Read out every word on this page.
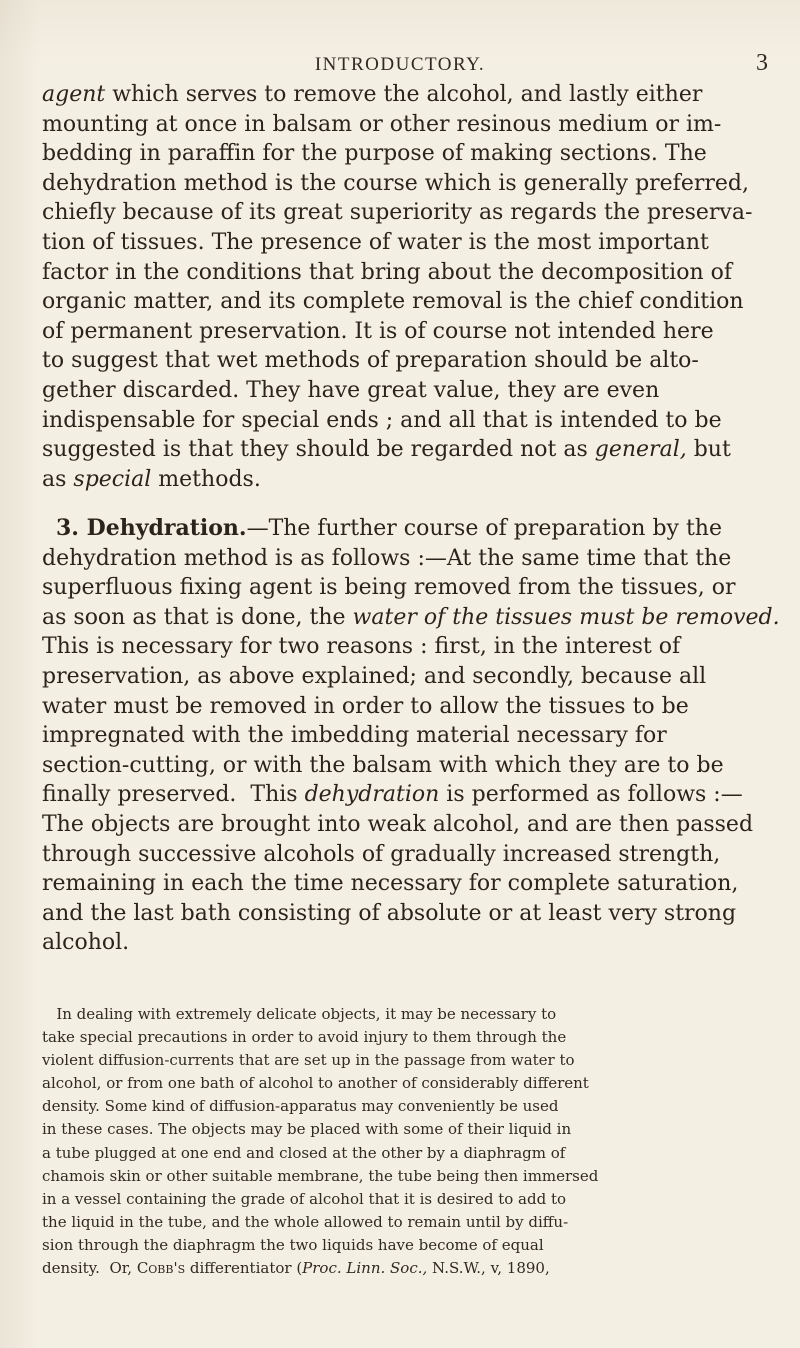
INTRODUCTORY.	3
agent which serves to remove the alcohol, and lastly either
mounting at once in balsam or other resinous medium or im-
bedding in paraffin for the purpose of making sections. The
dehydration method is the course which is generally preferred,
chiefly because of its great superiority as regards the preserva-
tion of tissues. The presence of water is the most important
factor in the conditions that bring about the decomposition of
organic matter, and its complete removal is the chief condition
of permanent preservation. It is of course not intended here
to suggest that wet methods of preparation should be alto-
gether discarded. They have great value, they are even
indispensable for special ends ; and all that is intended to be
suggested is that they should be regarded not as general, but
as special methods.
3. Dehydration.—The further course of preparation by the
dehydration method is as follows :—At the same time that the
superfluous fixing agent is being removed from the tissues, or
as soon as that is done, the water of the tissues must be removed.
This is necessary for two reasons : first, in the interest of
preservation, as above explained; and secondly, because all
water must be removed in order to allow the tissues to be
impregnated with the imbedding material necessary for
section-cutting, or with the balsam with which they are to be
finally preserved.  This dehydration is performed as follows :—
The objects are brought into weak alcohol, and are then passed
through successive alcohols of gradually increased strength,
remaining in each the time necessary for complete saturation,
and the last bath consisting of absolute or at least very strong
alcohol.
In dealing with extremely delicate objects, it may be necessary to
take special precautions in order to avoid injury to them through the
violent diffusion-currents that are set up in the passage from water to
alcohol, or from one bath of alcohol to another of considerably different
density. Some kind of diffusion-apparatus may conveniently be used
in these cases. The objects may be placed with some of their liquid in
a tube plugged at one end and closed at the other by a diaphragm of
chamois skin or other suitable membrane, the tube being then immersed
in a vessel containing the grade of alcohol that it is desired to add to
the liquid in the tube, and the whole allowed to remain until by diffu-
sion through the diaphragm the two liquids have become of equal
density.  Or, Cobb's differentiator (Proc. Linn. Soc., N.S.W., v, 1890,
